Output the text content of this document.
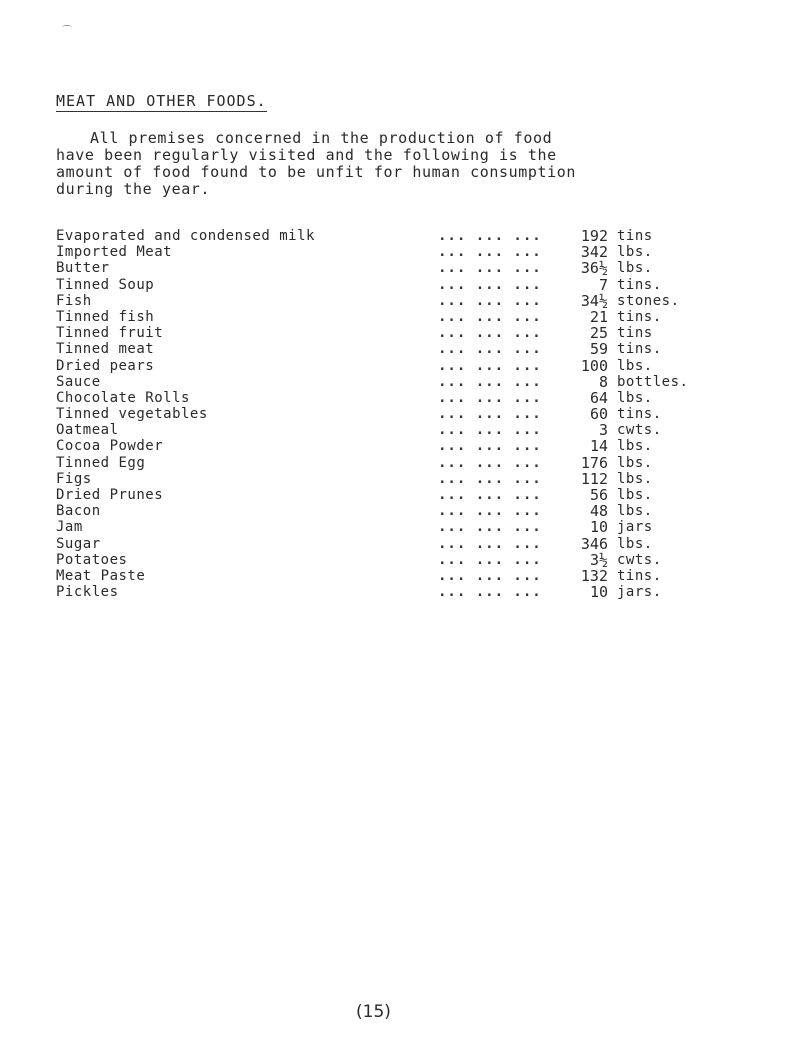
⌒
MEAT AND OTHER FOODS.

All premises concerned in the production of food

have been regularly visited and the following is the

amount of food found to be unfit for human consumption

during the year.

Evaporated and condensed milk	... ... ...	192 tins
Imported Meat	... ... ...	342 lbs.
Butter	... ... ...	36½ lbs.
Tinned Soup	... ... ...	7 tins.
Fish	... ... ...	34½ stones.
Tinned fish	... ... ...	21 tins.
Tinned fruit	... ... ...	25 tins
Tinned meat	... ... ...	59 tins.
Dried pears	... ... ...	100 lbs.
Sauce	... ... ...	8 bottles.
Chocolate Rolls	... ... ...	64 lbs.
Tinned vegetables	... ... ...	60 tins.
Oatmeal	... ... ...	3 cwts.
Cocoa Powder	... ... ...	14 lbs.
Tinned Egg	... ... ...	176 lbs.
Figs	... ... ...	112 lbs.
Dried Prunes	... ... ...	56 lbs.
Bacon	... ... ...	48 lbs.
Jam	... ... ...	10 jars
Sugar	... ... ...	346 lbs.
Potatoes	... ... ...	3½ cwts.
Meat Paste	... ... ...	132 tins.
Pickles	... ... ...	10 jars.
(15)
